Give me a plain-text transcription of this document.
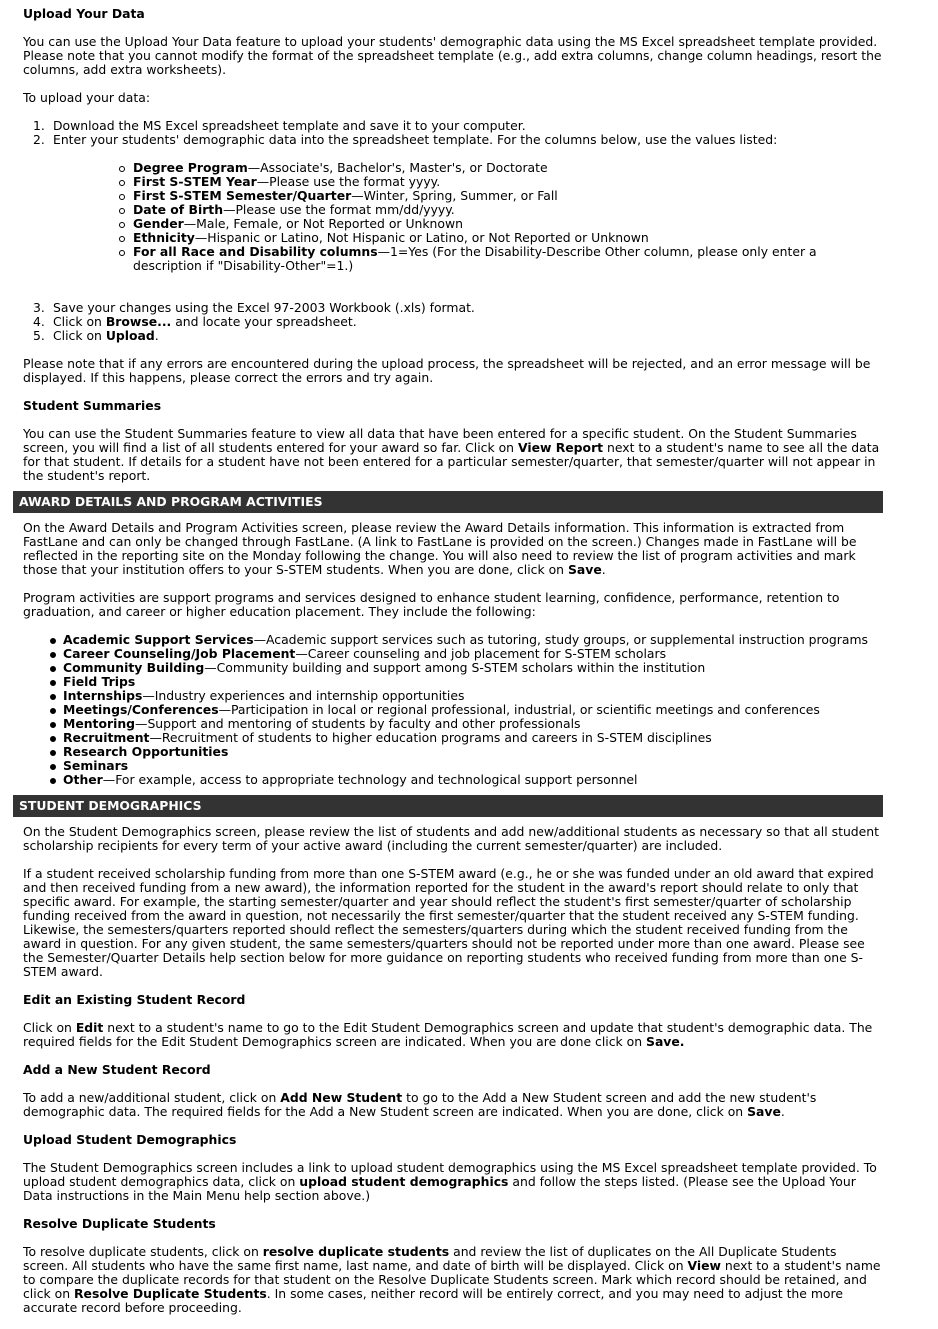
Upload Your Data
You can use the Upload Your Data feature to upload your students' demographic data using the MS Excel spreadsheet template provided. Please note that you cannot modify the format of the spreadsheet template (e.g., add extra columns, change column headings, resort the columns, add extra worksheets).
To upload your data:
1. Download the MS Excel spreadsheet template and save it to your computer.
2. Enter your students' demographic data into the spreadsheet template. For the columns below, use the values listed:
Degree Program—Associate's, Bachelor's, Master's, or Doctorate
First S-STEM Year—Please use the format yyyy.
First S-STEM Semester/Quarter—Winter, Spring, Summer, or Fall
Date of Birth—Please use the format mm/dd/yyyy.
Gender—Male, Female, or Not Reported or Unknown
Ethnicity—Hispanic or Latino, Not Hispanic or Latino, or Not Reported or Unknown
For all Race and Disability columns—1=Yes (For the Disability-Describe Other column, please only enter a description if "Disability-Other"=1.)
3. Save your changes using the Excel 97-2003 Workbook (.xls) format.
4. Click on Browse... and locate your spreadsheet.
5. Click on Upload.
Please note that if any errors are encountered during the upload process, the spreadsheet will be rejected, and an error message will be displayed. If this happens, please correct the errors and try again.
Student Summaries
You can use the Student Summaries feature to view all data that have been entered for a specific student. On the Student Summaries screen, you will find a list of all students entered for your award so far. Click on View Report next to a student's name to see all the data for that student. If details for a student have not been entered for a particular semester/quarter, that semester/quarter will not appear in the student's report.
AWARD DETAILS AND PROGRAM ACTIVITIES
On the Award Details and Program Activities screen, please review the Award Details information. This information is extracted from FastLane and can only be changed through FastLane. (A link to FastLane is provided on the screen.) Changes made in FastLane will be reflected in the reporting site on the Monday following the change. You will also need to review the list of program activities and mark those that your institution offers to your S-STEM students. When you are done, click on Save.
Program activities are support programs and services designed to enhance student learning, confidence, performance, retention to graduation, and career or higher education placement. They include the following:
Academic Support Services—Academic support services such as tutoring, study groups, or supplemental instruction programs
Career Counseling/Job Placement—Career counseling and job placement for S-STEM scholars
Community Building—Community building and support among S-STEM scholars within the institution
Field Trips
Internships—Industry experiences and internship opportunities
Meetings/Conferences—Participation in local or regional professional, industrial, or scientific meetings and conferences
Mentoring—Support and mentoring of students by faculty and other professionals
Recruitment—Recruitment of students to higher education programs and careers in S-STEM disciplines
Research Opportunities
Seminars
Other—For example, access to appropriate technology and technological support personnel
STUDENT DEMOGRAPHICS
On the Student Demographics screen, please review the list of students and add new/additional students as necessary so that all student scholarship recipients for every term of your active award (including the current semester/quarter) are included.
If a student received scholarship funding from more than one S-STEM award (e.g., he or she was funded under an old award that expired and then received funding from a new award), the information reported for the student in the award's report should relate to only that specific award. For example, the starting semester/quarter and year should reflect the student's first semester/quarter of scholarship funding received from the award in question, not necessarily the first semester/quarter that the student received any S-STEM funding. Likewise, the semesters/quarters reported should reflect the semesters/quarters during which the student received funding from the award in question. For any given student, the same semesters/quarters should not be reported under more than one award. Please see the Semester/Quarter Details help section below for more guidance on reporting students who received funding from more than one S-STEM award.
Edit an Existing Student Record
Click on Edit next to a student's name to go to the Edit Student Demographics screen and update that student's demographic data. The required fields for the Edit Student Demographics screen are indicated. When you are done click on Save.
Add a New Student Record
To add a new/additional student, click on Add New Student to go to the Add a New Student screen and add the new student's demographic data. The required fields for the Add a New Student screen are indicated. When you are done, click on Save.
Upload Student Demographics
The Student Demographics screen includes a link to upload student demographics using the MS Excel spreadsheet template provided. To upload student demographics data, click on upload student demographics and follow the steps listed. (Please see the Upload Your Data instructions in the Main Menu help section above.)
Resolve Duplicate Students
To resolve duplicate students, click on resolve duplicate students and review the list of duplicates on the All Duplicate Students screen. All students who have the same first name, last name, and date of birth will be displayed. Click on View next to a student's name to compare the duplicate records for that student on the Resolve Duplicate Students screen. Mark which record should be retained, and click on Resolve Duplicate Students. In some cases, neither record will be entirely correct, and you may need to adjust the more accurate record before proceeding.
